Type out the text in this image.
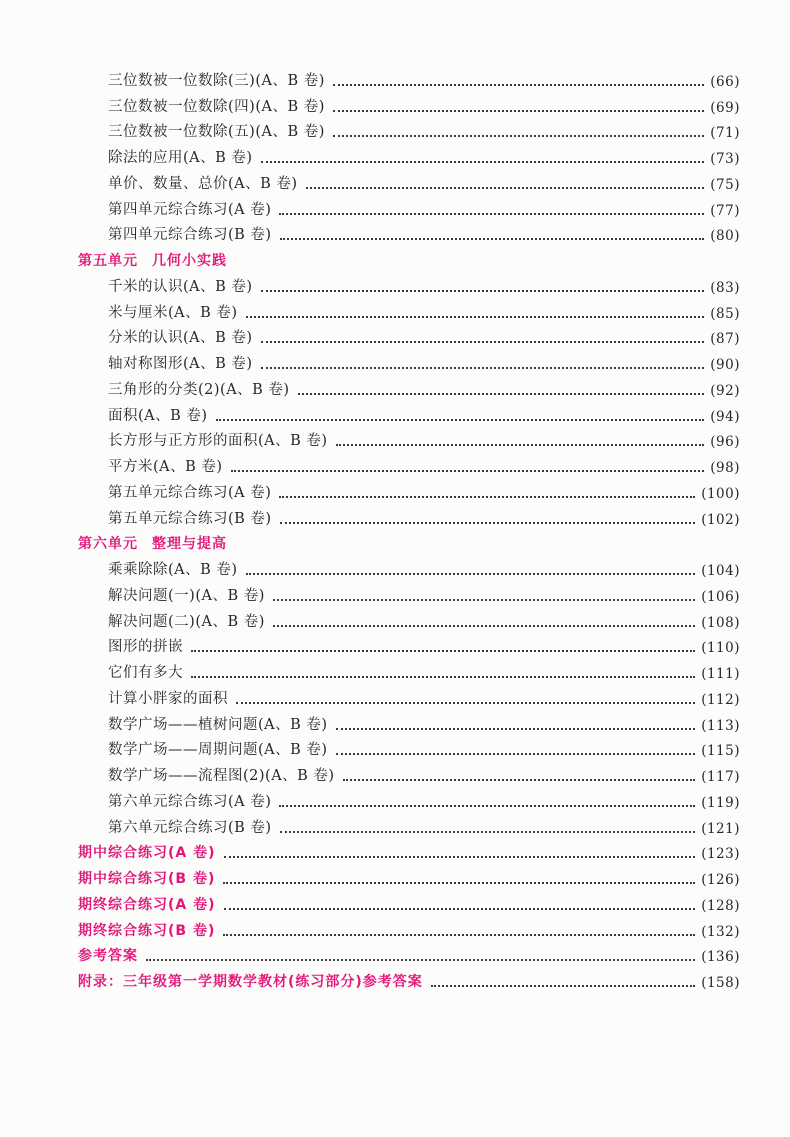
三位数被一位数除(三)(A、B 卷)	(66)
三位数被一位数除(四)(A、B 卷)	(69)
三位数被一位数除(五)(A、B 卷)	(71)
除法的应用(A、B 卷)	(73)
单价、数量、总价(A、B 卷)	(75)
第四单元综合练习(A 卷)	(77)
第四单元综合练习(B 卷)	(80)
第五单元 几何小实践
千米的认识(A、B 卷)	(83)
米与厘米(A、B 卷)	(85)
分米的认识(A、B 卷)	(87)
轴对称图形(A、B 卷)	(90)
三角形的分类(2)(A、B 卷)	(92)
面积(A、B 卷)	(94)
长方形与正方形的面积(A、B 卷)	(96)
平方米(A、B 卷)	(98)
第五单元综合练习(A 卷)	(100)
第五单元综合练习(B 卷)	(102)
第六单元 整理与提高
乘乘除除(A、B 卷)	(104)
解决问题(一)(A、B 卷)	(106)
解决问题(二)(A、B 卷)	(108)
图形的拼嵌	(110)
它们有多大	(111)
计算小胖家的面积	(112)
数学广场——植树问题(A、B 卷)	(113)
数学广场——周期问题(A、B 卷)	(115)
数学广场——流程图(2)(A、B 卷)	(117)
第六单元综合练习(A 卷)	(119)
第六单元综合练习(B 卷)	(121)
期中综合练习(A 卷)	(123)
期中综合练习(B 卷)	(126)
期终综合练习(A 卷)	(128)
期终综合练习(B 卷)	(132)
参考答案	(136)
附录：三年级第一学期数学教材(练习部分)参考答案	(158)
